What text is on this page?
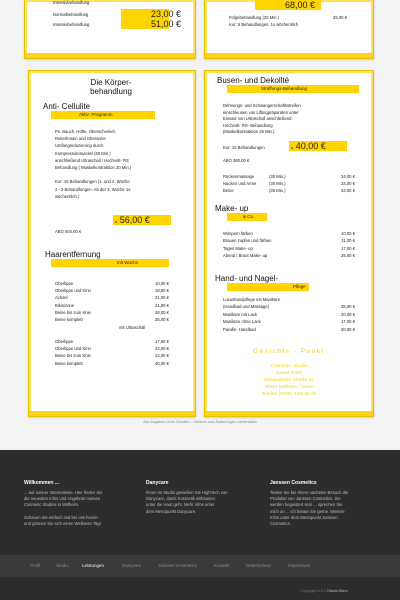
Intensivbehandlung
Normalbehandlung	23,00 €
Intensivbehandlung	51,00 €
68,00 €
Folgebehandlung (20 Min.)	25,00 €
Kur: 6 Behandlungen, 1x wöchentlich
Die Körper-
behandlung
Anti- Cellulite
Aktiv- Programm
Ps. Bauch, Hüfte, Oberschenkel,
Reiterhosen und Oberarme
Umfangreduzierung durch
Kompressionswickel (60 Min.)
anschließend Ultraschall / Hochvolt- RS
Behandlung ( Muskelkontraktion 30 Min.)
Kur: 10 Behandlungen (1. und 2. Woche
2 - 3 Behandlungen. Ab der 3. Woche 1x
wöchentlich.)
a 56,00 €
ABO 504,00 €
Haarentfernung
mit Wachs
Oberlippe	10,00 €
Oberlippe und Kinn	18,00 €
Achsel	21,00 €
Bikinizone	21,00 €
Beine bis zum Knie	26,00 €
Beine komplett	35,00 €
mit Ultraschall
Oberlippe	17,00 €
Oberlippe und Kinn	22,00 €
Beine bis zum Knie	22,00 €
Beine komplett	40,00 €
Busen- und Dekollté
Straffungs-Behandlung
Dehnungs- und Schwangerschaftsstreifen
einschleusen von Liftingpräparaten unter
Einsatz von Ultraschall anschließend
Hochvolt- RS- Behandlung
(Muskelkontraktion 25 Min.)
Kur: 10 Behandlungen	a 40,00 €
ABO 360,00 €
Rückenmassage	(30 Min.)	34,00 €
Nacken und Arme	(30 Min.)	34,00 €
Beine	(30 Min.)	34,00 €
Make- up
& Co.
Wimpern färben	10,00 €
Brauen zupfen und färben	11,00 €
Tages Make- up	17,00 €
Abend / Braut Make- up	25,00 €
Hand- und Nagel-
Pflege
Luxushandpflege mit Maniküre
(Handbad und Massage)	35,00 €
Maniküre mit Lack	20,00 €
Maniküre ohne Lack	17,00 €
Parafin- Handbad	20,00 €
Gesichts - Punkt
Cosmetic- Studio
Gisela Rahn
Düsseldorfer Straße 24
45481 Mülheim / Saarn
Telefon (0208) 4 86 85 51
Alle Angaben ohne Gewähr – Irrtümer und Änderungen vorbehalten
Willkommen ...
... auf meiner Internetseite. Hier finden Sie
die neuesten Infos und Angebote meines
Cosmetic Studios in Mülheim.
Schauen Sie einfach mal bei uns herein
und gönnen Sie sich einen Wellness-Tag!
Danycare
Ihnen im Studio genießen Sie HighTech von
Danycare, damit Kosmetik wirksamer
unter die Haut geht. Mehr Infos unter
dem Menüpunkt Danycare.
Janssen Cosmetics
Testen Sie bei Ihrem nächsten Besuch die
Produkte von Janssen Cosmetics. Sie
werden begeistert sein ... sprechen Sie
mich an ... ich berate Sie gerne. Weitere
Infos unter dem Menüpunkt Janssen
Cosmetics.
Profil	Studio	Leistungen	Danycare	Janssen Cosmetics	Kontakt	Datenschutz	Impressum
Copyright 2013 Gisela Rahn
